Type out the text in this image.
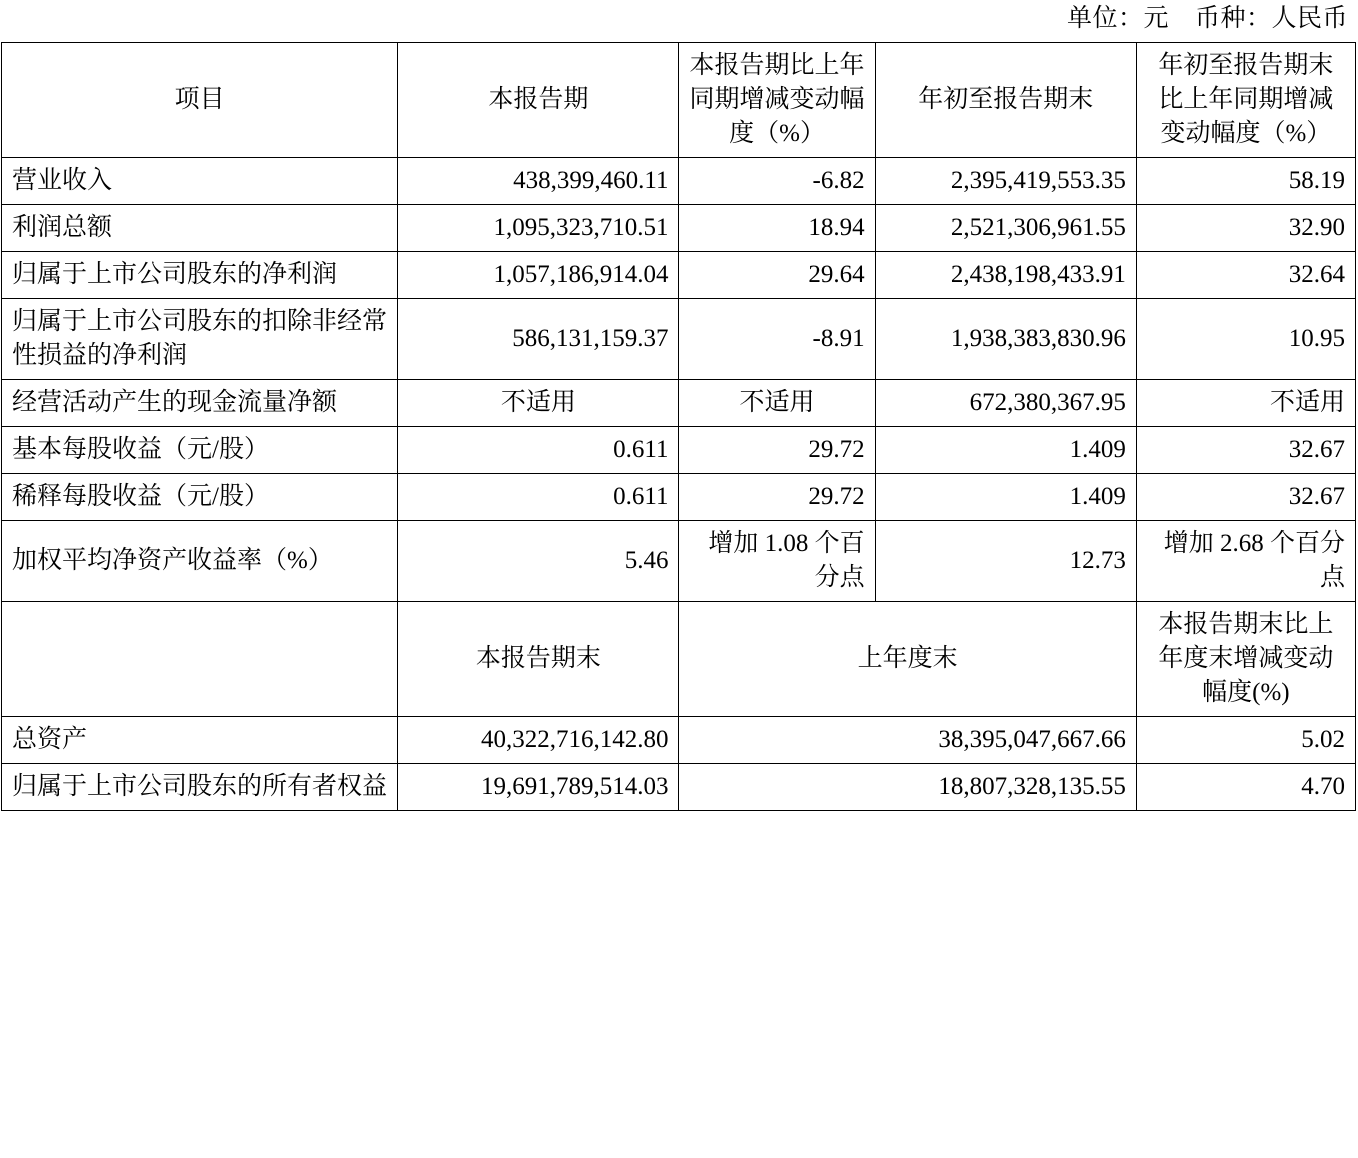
单位：元 币种：人民币
项目	本报告期	本报告期比上年同期增减变动幅度（%）	年初至报告期末	年初至报告期末比上年同期增减变动幅度（%）
营业收入	438,399,460.11	-6.82	2,395,419,553.35	58.19
利润总额	1,095,323,710.51	18.94	2,521,306,961.55	32.90
归属于上市公司股东的净利润	1,057,186,914.04	29.64	2,438,198,433.91	32.64
归属于上市公司股东的扣除非经常性损益的净利润	586,131,159.37	-8.91	1,938,383,830.96	10.95
经营活动产生的现金流量净额	不适用	不适用	672,380,367.95	不适用
基本每股收益（元/股）	0.611	29.72	1.409	32.67
稀释每股收益（元/股）	0.611	29.72	1.409	32.67
加权平均净资产收益率（%）	5.46	增加 1.08 个百分点	12.73	增加 2.68 个百分点
	本报告期末	上年度末		本报告期末比上年度末增减变动幅度(%)
总资产	40,322,716,142.80	38,395,047,667.66		5.02
归属于上市公司股东的所有者权益	19,691,789,514.03	18,807,328,135.55		4.70
